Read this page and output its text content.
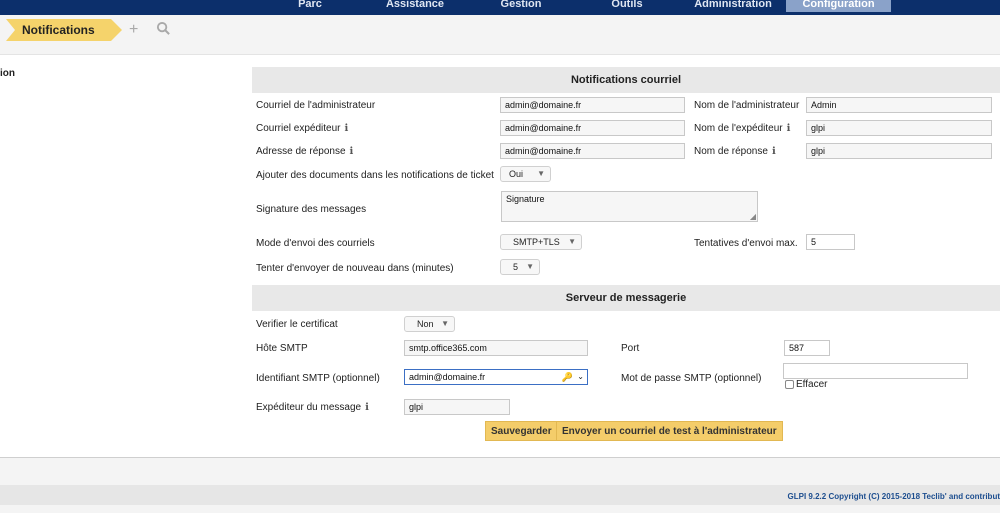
Parc	Assistance	Gestion	Outils	Administration	Configuration
Notifications	+
ion
Notifications courriel
Courriel de l'administrateur	admin@domaine.fr	Nom de l'administrateur	Admin
Courriel expéditeur ℹ	admin@domaine.fr	Nom de l'expéditeur ℹ	glpi
Adresse de réponse ℹ	admin@domaine.fr	Nom de réponse ℹ	glpi
Ajouter des documents dans les notifications de ticket	Oui ▼
Signature des messages
Signature
◢
Mode d'envoi des courriels	SMTP+TLS ▼	Tentatives d'envoi max.	5
Tenter d'envoyer de nouveau dans (minutes)	5 ▼
Serveur de messagerie
Verifier le certificat	Non ▼
Hôte SMTP	smtp.office365.com	Port	587
Identifiant SMTP (optionnel)	admin@domaine.fr	🔑 ⌄	Mot de passe SMTP (optionnel)
Effacer
Expéditeur du message ℹ	glpi
Sauvegarder	Envoyer un courriel de test à l'administrateur
GLPI 9.2.2 Copyright (C) 2015-2018 Teclib' and contribut
